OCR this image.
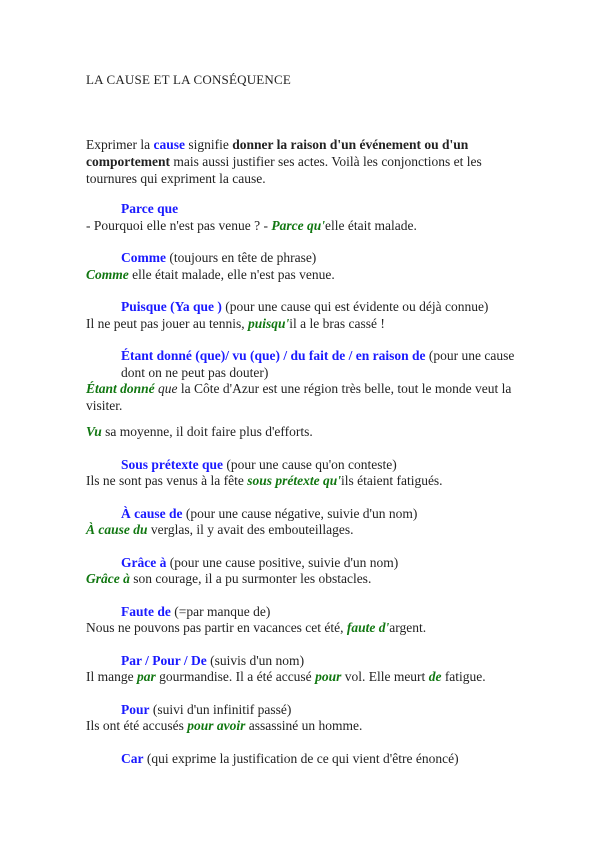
LA CAUSE ET LA CONSÉQUENCE
Exprimer la cause signifie donner la raison d'un événement ou d'un comportement mais aussi justifier ses actes. Voilà les conjonctions et les tournures qui expriment la cause.

Parce que

- Pourquoi elle n'est pas venue ? - Parce qu'elle était malade.

Comme (toujours en tête de phrase)

Comme elle était malade, elle n'est pas venue.

Puisque (Ya que ) (pour une cause qui est évidente ou déjà connue)

Il ne peut pas jouer au tennis, puisqu'il a le bras cassé !

Étant donné (que)/ vu (que) / du fait de / en raison de (pour une cause dont on ne peut pas douter)

Étant donné que la Côte d'Azur est une région très belle, tout le monde veut la visiter.

Vu sa moyenne, il doit faire plus d'efforts.

Sous prétexte que (pour une cause qu'on conteste)

Ils ne sont pas venus à la fête sous prétexte qu'ils étaient fatigués.

À cause de (pour une cause négative, suivie d'un nom)

À cause du verglas, il y avait des embouteillages.

Grâce à (pour une cause positive, suivie d'un nom)

Grâce à son courage, il a pu surmonter les obstacles.

Faute de (=par manque de)

Nous ne pouvons pas partir en vacances cet été, faute d'argent.

Par / Pour / De (suivis d'un nom)

Il mange par gourmandise. Il a été accusé pour vol. Elle meurt de fatigue.

Pour (suivi d'un infinitif passé)

Ils ont été accusés pour avoir assassiné un homme.

Car (qui exprime la justification de ce qui vient d'être énoncé)
